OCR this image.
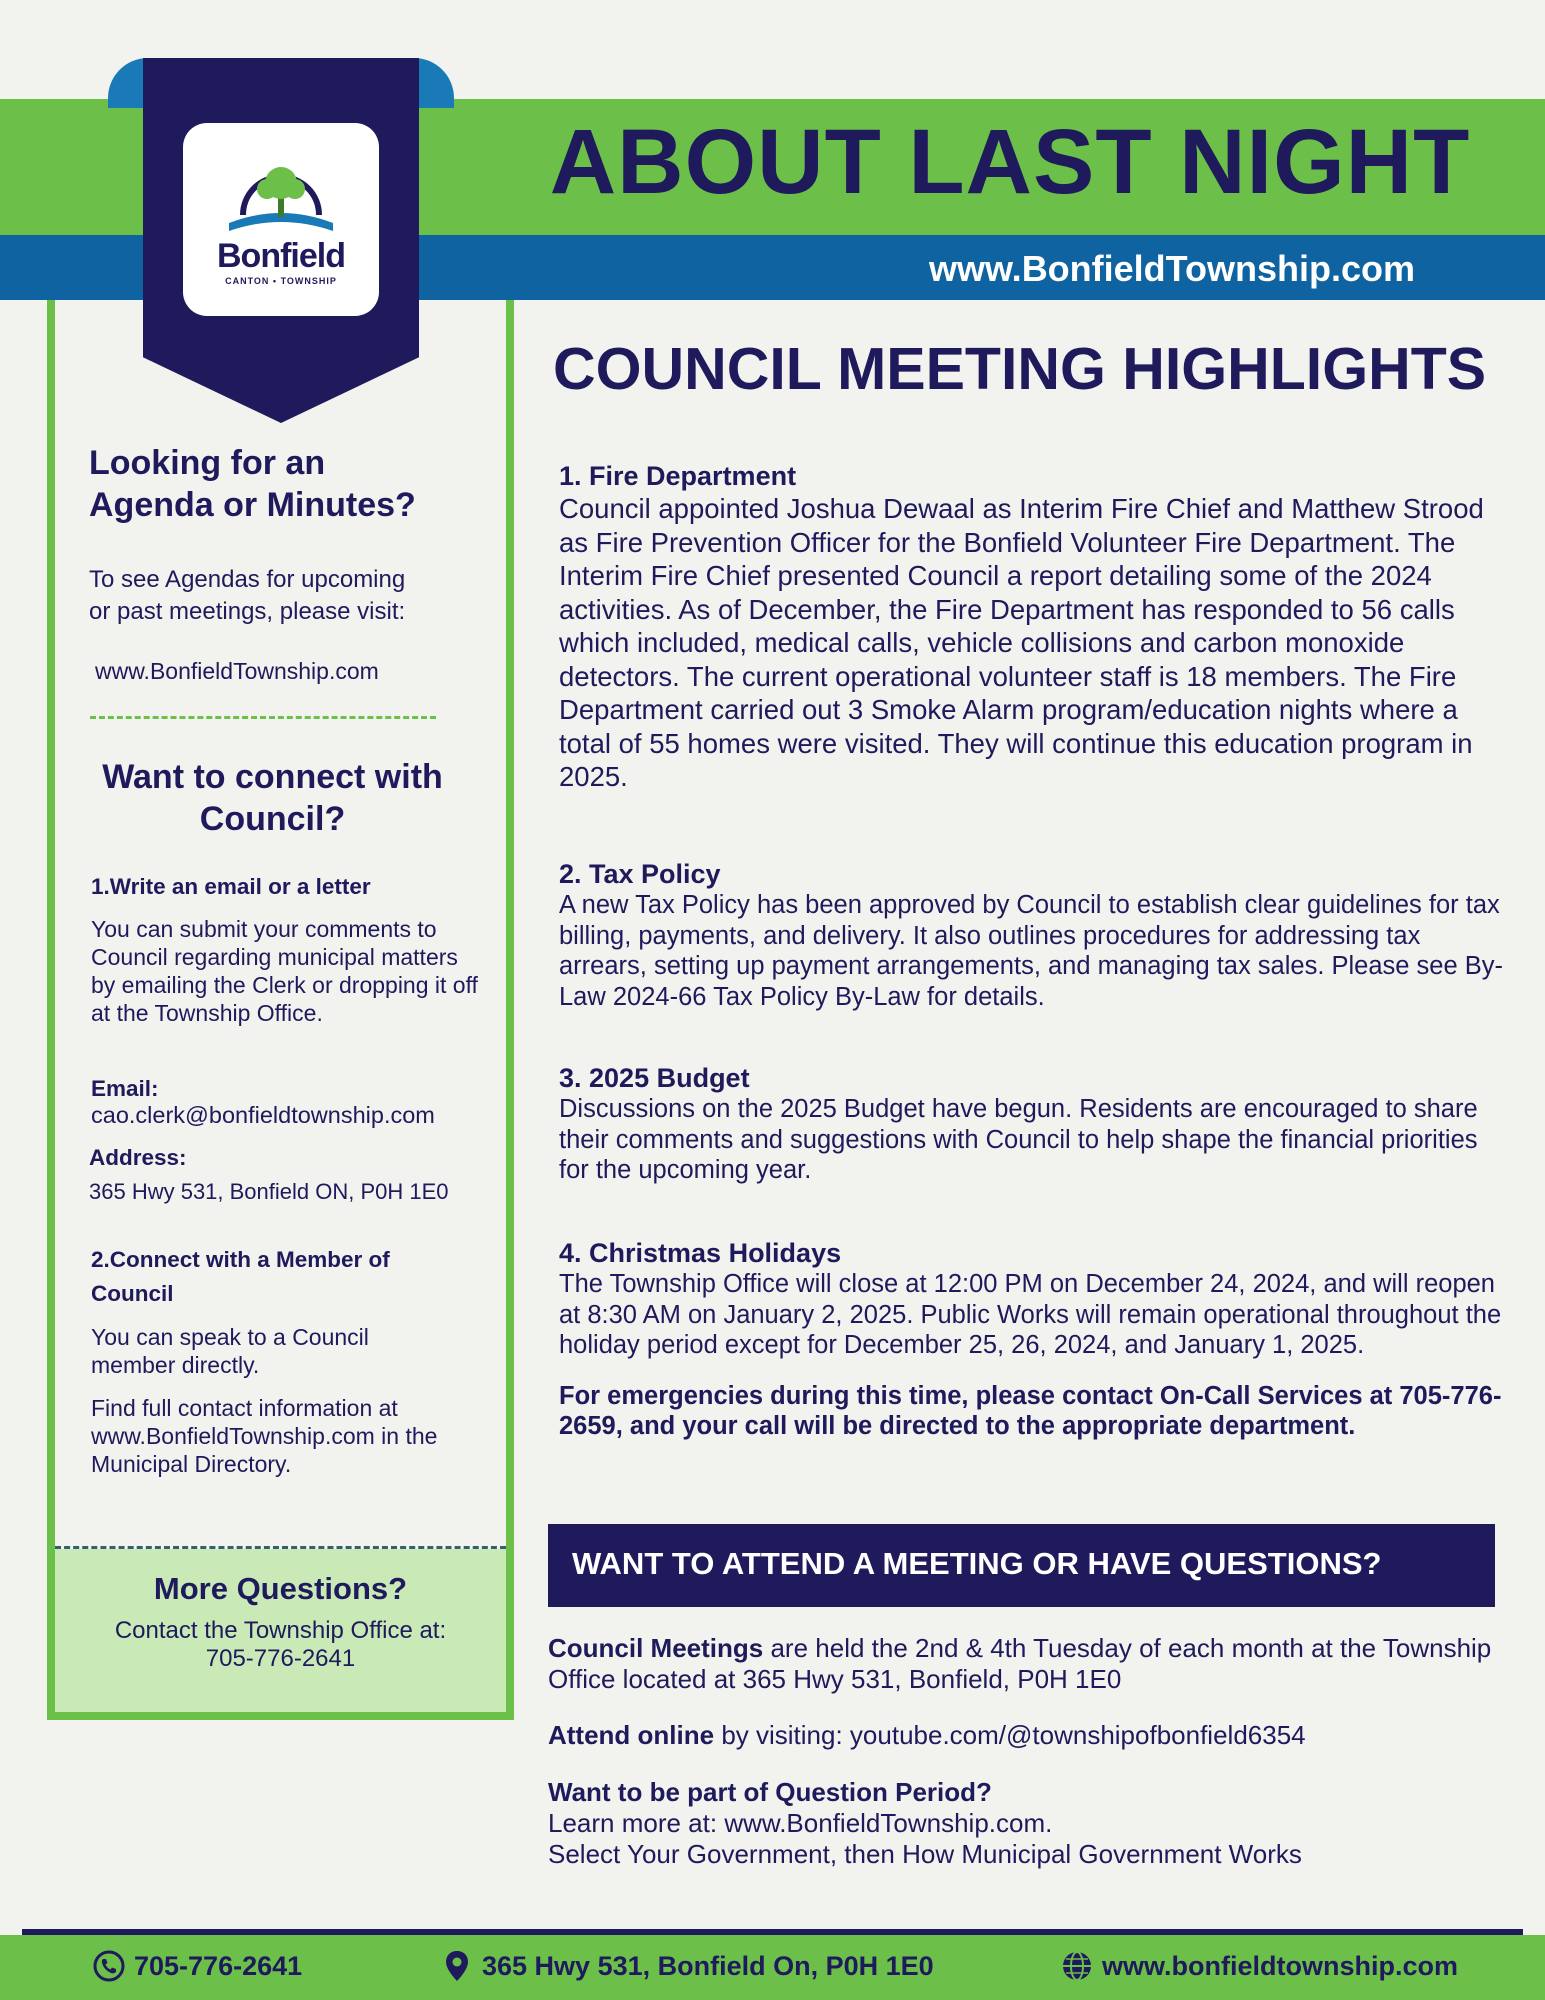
ABOUT LAST NIGHT
www.BonfieldTownship.com
Bonfield
CANTON • TOWNSHIP
Looking for an
Agenda or Minutes?
To see Agendas for upcoming
or past meetings, please visit:
www.BonfieldTownship.com
Want to connect with
Council?
1.Write an email or a letter
You can submit your comments to Council regarding municipal matters by emailing the Clerk or dropping it off at the Township Office.
Email:
cao.clerk@bonfieldtownship.com
Address:
365 Hwy 531, Bonfield ON, P0H 1E0
2.Connect with a Member of Council
You can speak to a Council member directly.
Find full contact information at www.BonfieldTownship.com in the Municipal Directory.
More Questions?
Contact the Township Office at:
705-776-2641
COUNCIL MEETING HIGHLIGHTS
1. Fire Department
Council appointed Joshua Dewaal as Interim Fire Chief and Matthew Strood as Fire Prevention Officer for the Bonfield Volunteer Fire Department. The Interim Fire Chief presented Council a report detailing some of the 2024 activities. As of December, the Fire Department has responded to 56 calls which included, medical calls, vehicle collisions and carbon monoxide detectors. The current operational volunteer staff is 18 members. The Fire Department carried out 3 Smoke Alarm program/education nights where a total of 55 homes were visited. They will continue this education program in 2025.
2. Tax Policy
A new Tax Policy has been approved by Council to establish clear guidelines for tax billing, payments, and delivery. It also outlines procedures for addressing tax arrears, setting up payment arrangements, and managing tax sales. Please see By-Law 2024-66 Tax Policy By-Law for details.
3. 2025 Budget
Discussions on the 2025 Budget have begun. Residents are encouraged to share their comments and suggestions with Council to help shape the financial priorities for the upcoming year.
4. Christmas Holidays
The Township Office will close at 12:00 PM on December 24, 2024, and will reopen at 8:30 AM on January 2, 2025. Public Works will remain operational throughout the holiday period except for December 25, 26, 2024, and January 1, 2025.
For emergencies during this time, please contact On-Call Services at 705-776-2659, and your call will be directed to the appropriate department.
WANT TO ATTEND A MEETING OR HAVE QUESTIONS?
Council Meetings are held the 2nd & 4th Tuesday of each month at the Township Office located at 365 Hwy 531, Bonfield, P0H 1E0
Attend online by visiting: youtube.com/@townshipofbonfield6354
Want to be part of Question Period?
Learn more at: www.BonfieldTownship.com.
Select Your Government, then How Municipal Government Works
705-776-2641	365 Hwy 531, Bonfield On, P0H 1E0	www.bonfieldtownship.com
